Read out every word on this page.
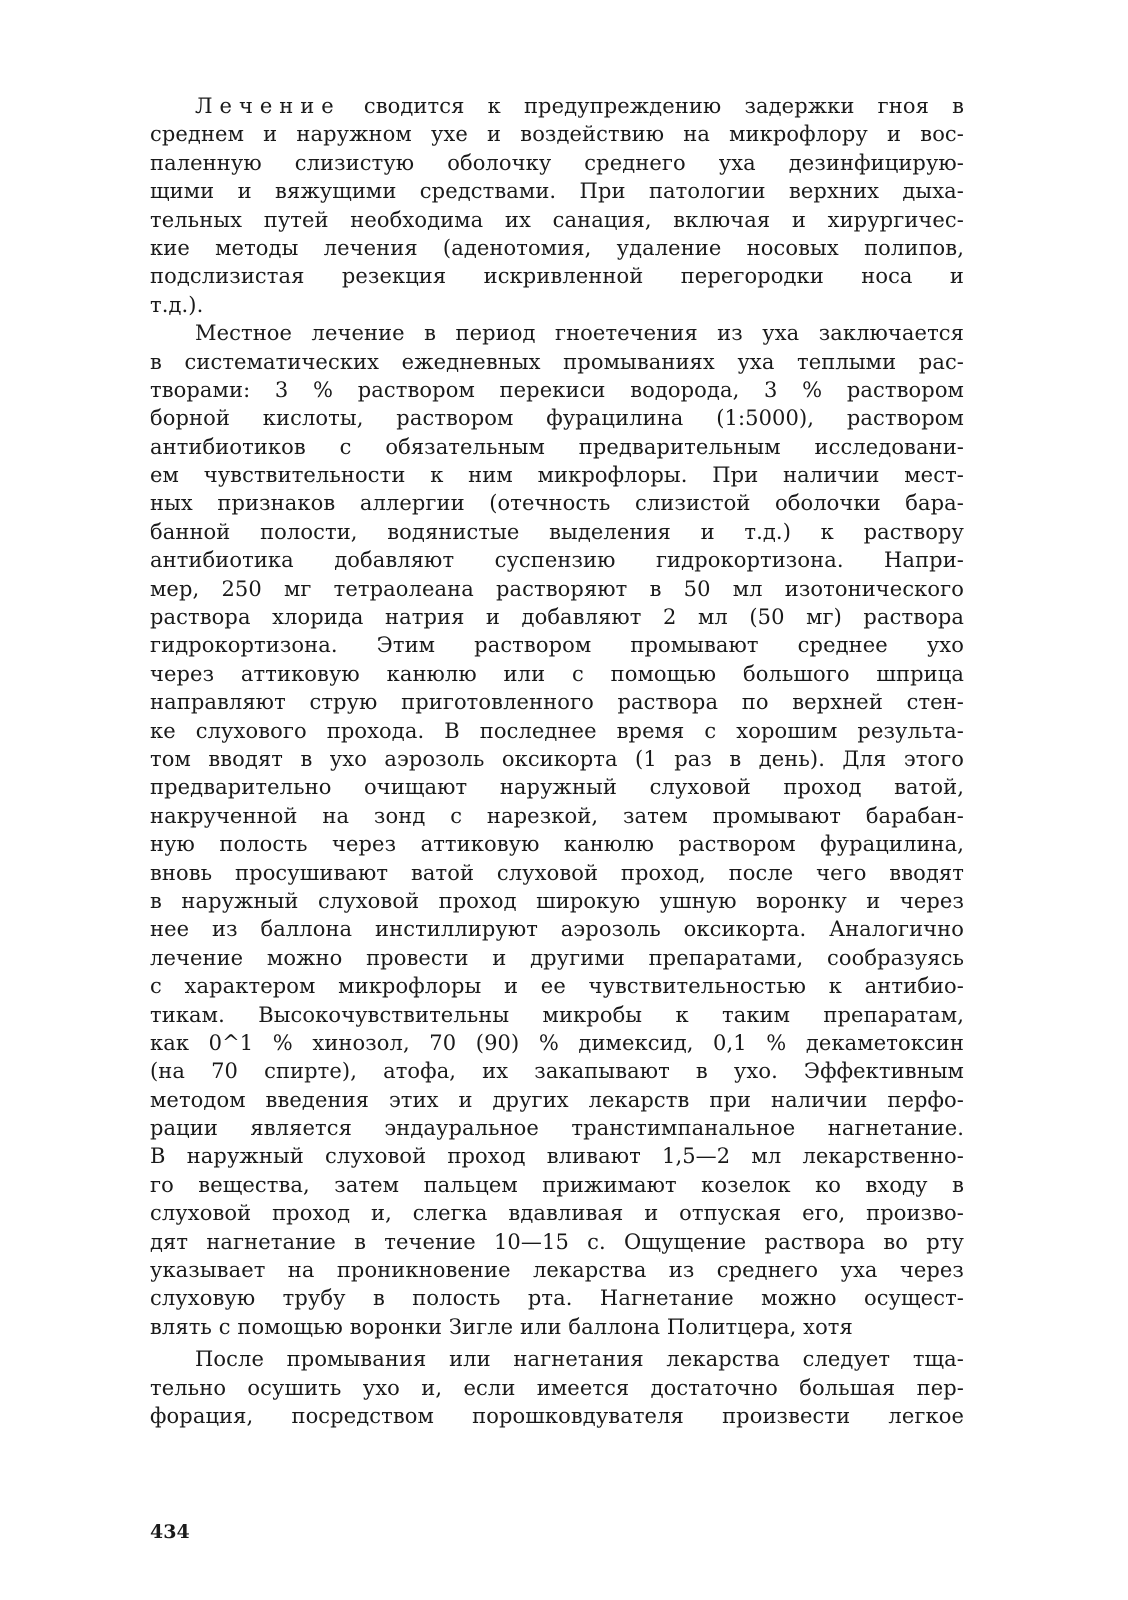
Лечение сводится к предупреждению задержки гноя в
среднем и наружном ухе и воздействию на микрофлору и вос-
паленную слизистую оболочку среднего уха дезинфицирую-
щими и вяжущими средствами. При патологии верхних дыха-
тельных путей необходима их санация, включая и хирургичес-
кие методы лечения (аденотомия, удаление носовых полипов,
подслизистая резекция искривленной перегородки носа и
т.д.).
Местное лечение в период гноетечения из уха заключается
в систематических ежедневных промываниях уха теплыми рас-
творами: 3 % раствором перекиси водорода, 3 % раствором
борной кислоты, раствором фурацилина (1:5000), раствором
антибиотиков с обязательным предварительным исследовани-
ем чувствительности к ним микрофлоры. При наличии мест-
ных признаков аллергии (отечность слизистой оболочки бара-
банной полости, водянистые выделения и т.д.) к раствору
антибиотика добавляют суспензию гидрокортизона. Напри-
мер, 250 мг тетраолеана растворяют в 50 мл изотонического
раствора хлорида натрия и добавляют 2 мл (50 мг) раствора
гидрокортизона. Этим раствором промывают среднее ухо
через аттиковую канюлю или с помощью большого шприца
направляют струю приготовленного раствора по верхней стен-
ке слухового прохода. В последнее время с хорошим результа-
том вводят в ухо аэрозоль оксикорта (1 раз в день). Для этого
предварительно очищают наружный слуховой проход ватой,
накрученной на зонд с нарезкой, затем промывают барабан-
ную полость через аттиковую канюлю раствором фурацилина,
вновь просушивают ватой слуховой проход, после чего вводят
в наружный слуховой проход широкую ушную воронку и через
нее из баллона инстиллируют аэрозоль оксикорта. Аналогично
лечение можно провести и другими препаратами, сообразуясь
с характером микрофлоры и ее чувствительностью к антибио-
тикам. Высокочувствительны микробы к таким препаратам,
как 0^1 % хинозол, 70 (90) % димексид, 0,1 % декаметоксин
(на 70 спирте), атофа, их закапывают в ухо. Эффективным
методом введения этих и других лекарств при наличии перфо-
рации является эндауральное транстимпанальное нагнетание.
В наружный слуховой проход вливают 1,5—2 мл лекарственно-
го вещества, затем пальцем прижимают козелок ко входу в
слуховой проход и, слегка вдавливая и отпуская его, произво-
дят нагнетание в течение 10—15 с. Ощущение раствора во рту
указывает на проникновение лекарства из среднего уха через
слуховую трубу в полость рта. Нагнетание можно осущест-
влять с помощью воронки Зигле или баллона Политцера, хотя
После промывания или нагнетания лекарства следует тща-
тельно осушить ухо и, если имеется достаточно большая пер-
форация, посредством порошковдувателя произвести легкое
434
